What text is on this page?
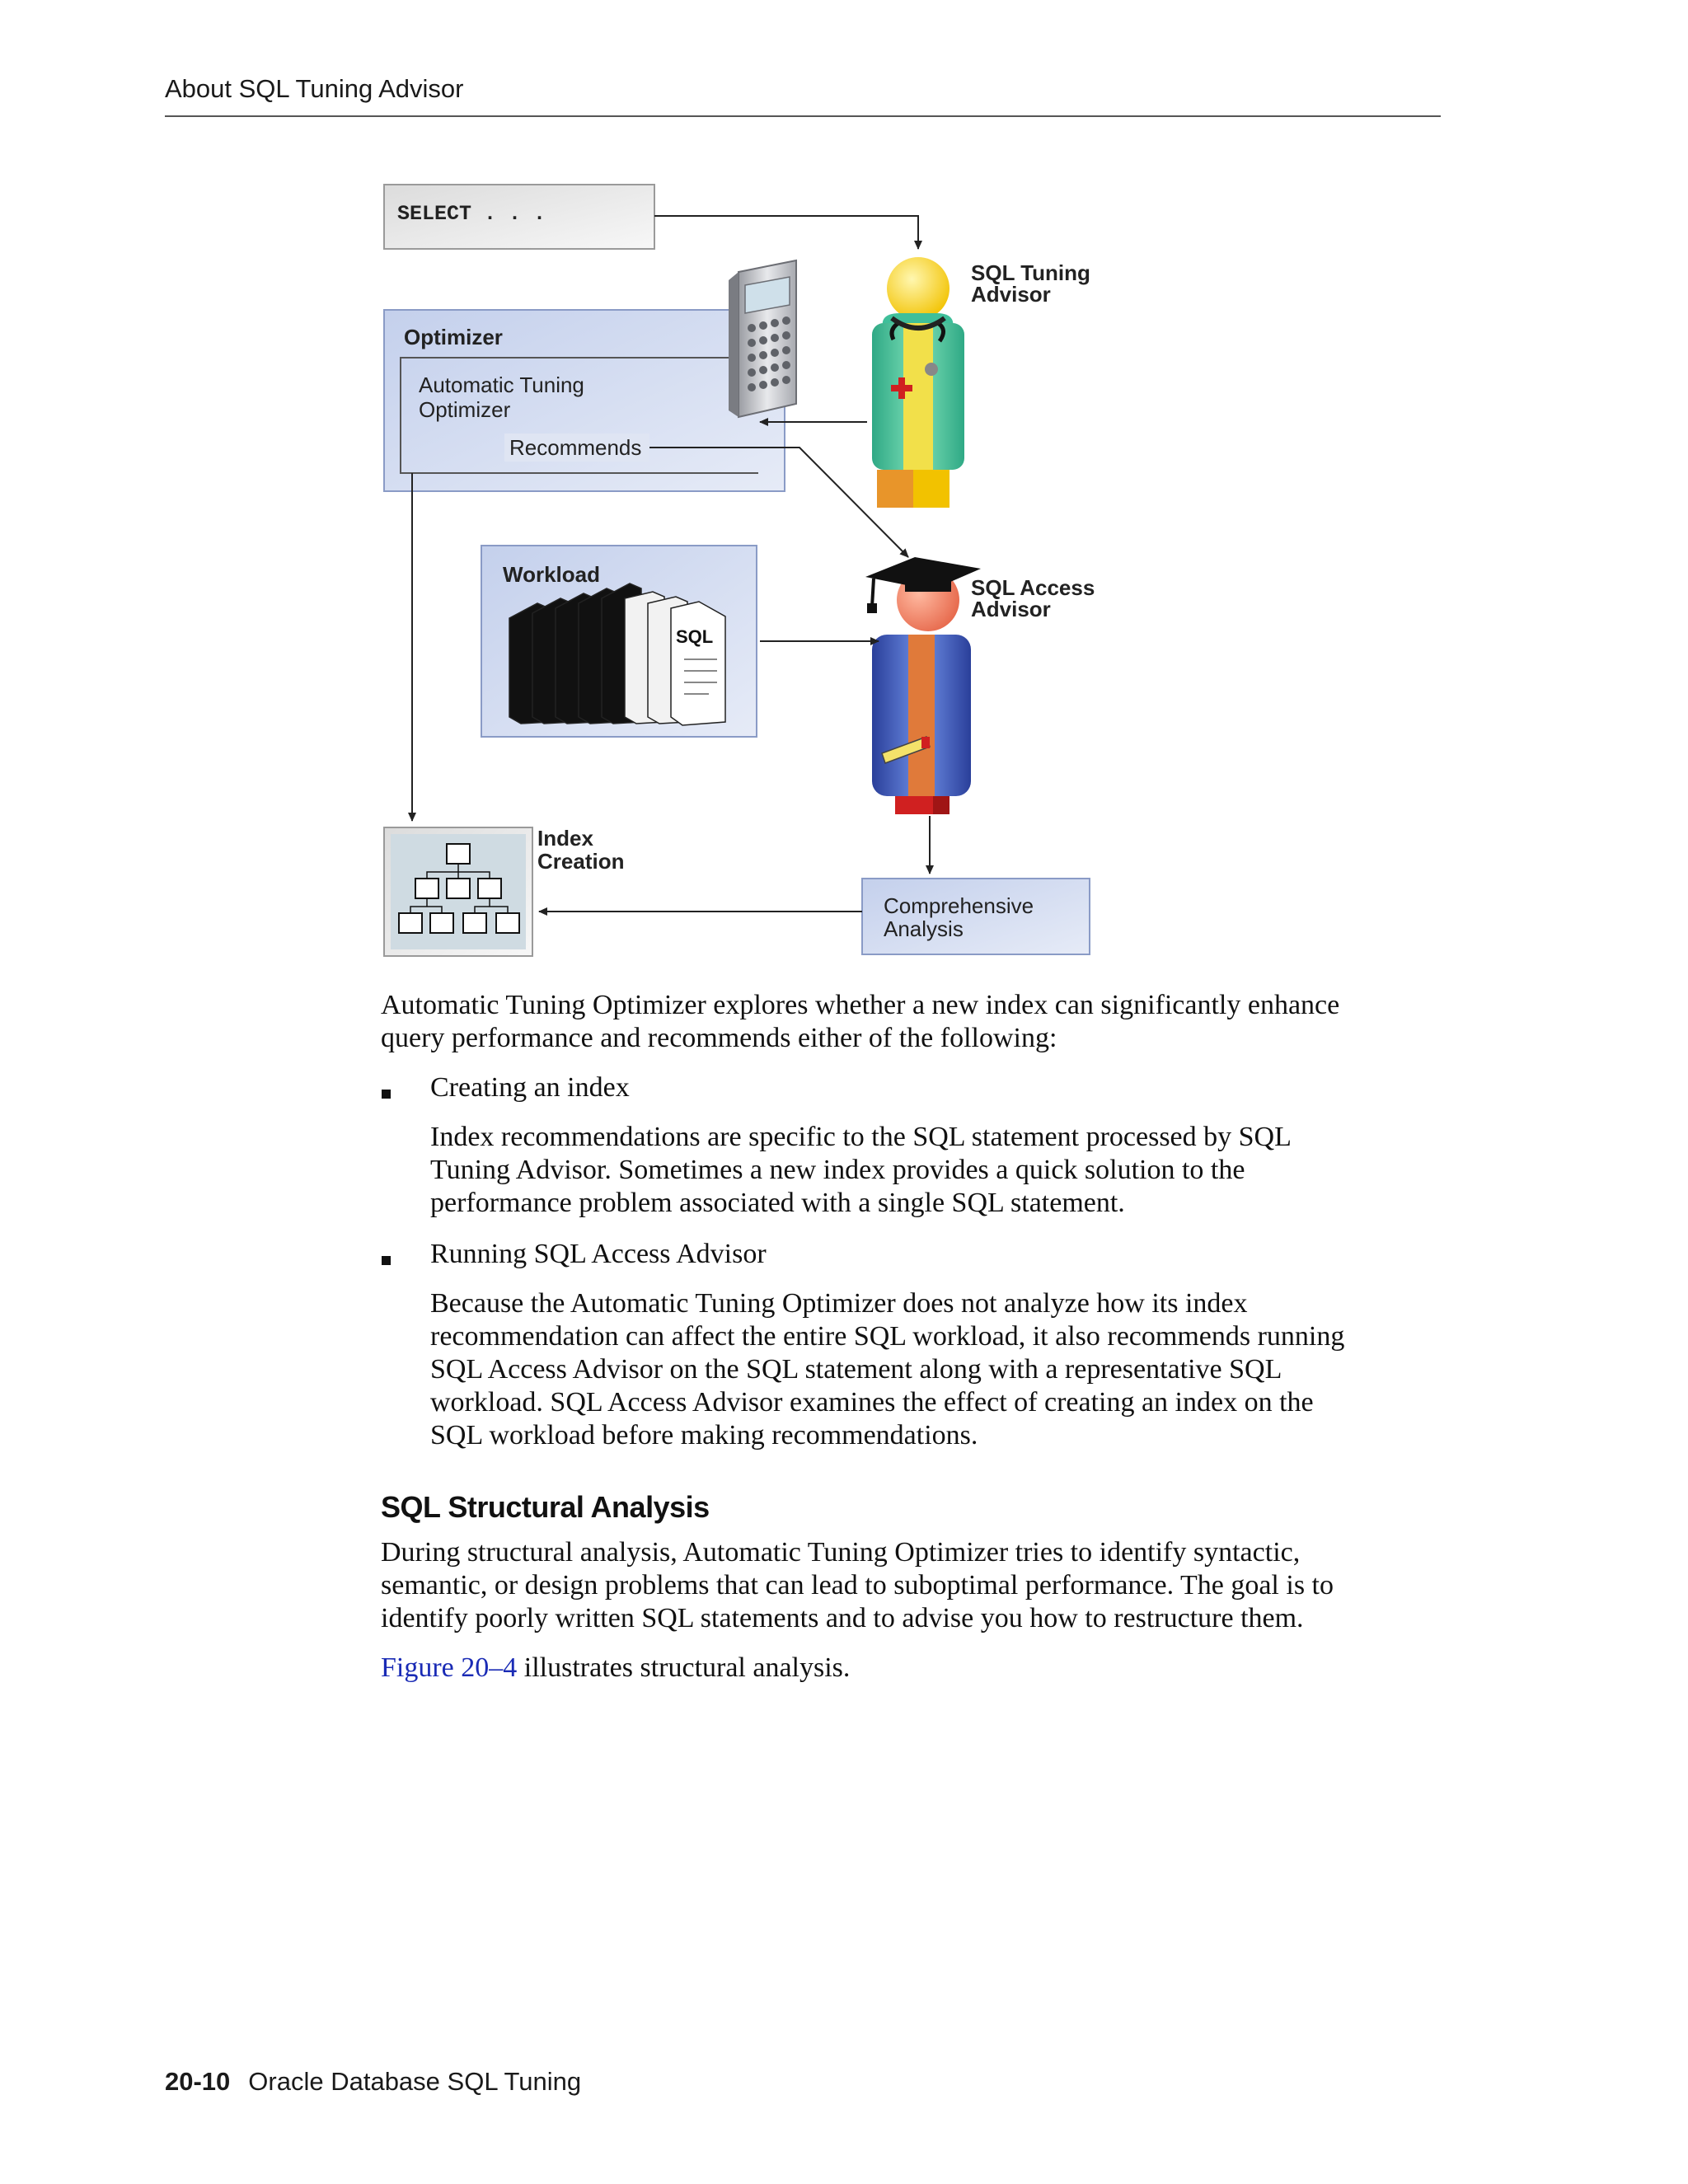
About SQL Tuning Advisor
SELECT . . .
Optimizer
Automatic Tuning
Optimizer
Recommends
SQL Tuning
Advisor
Workload
SQL
SQL Access
Advisor
Index
Creation
Comprehensive
Analysis
Automatic Tuning Optimizer explores whether a new index can significantly enhance
query performance and recommends either of the following:
Creating an index
Index recommendations are specific to the SQL statement processed by SQL
Tuning Advisor. Sometimes a new index provides a quick solution to the
performance problem associated with a single SQL statement.
Running SQL Access Advisor
Because the Automatic Tuning Optimizer does not analyze how its index
recommendation can affect the entire SQL workload, it also recommends running
SQL Access Advisor on the SQL statement along with a representative SQL
workload. SQL Access Advisor examines the effect of creating an index on the
SQL workload before making recommendations.
SQL Structural Analysis
During structural analysis, Automatic Tuning Optimizer tries to identify syntactic,
semantic, or design problems that can lead to suboptimal performance. The goal is to
identify poorly written SQL statements and to advise you how to restructure them.
Figure 20–4 illustrates structural analysis.
20-10 Oracle Database SQL Tuning
